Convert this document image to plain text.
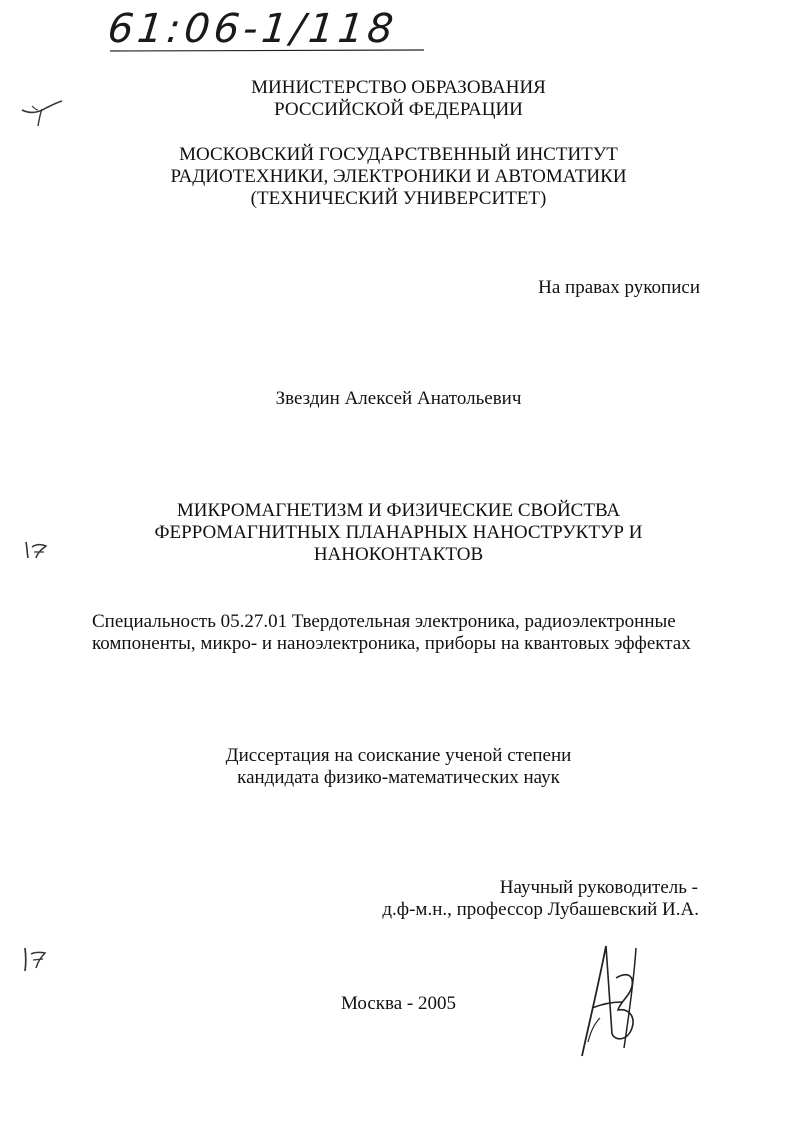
61:06-1/118
МИНИСТЕРСТВО ОБРАЗОВАНИЯ
РОССИЙСКОЙ ФЕДЕРАЦИИ
МОСКОВСКИЙ ГОСУДАРСТВЕННЫЙ ИНСТИТУТ
РАДИОТЕХНИКИ, ЭЛЕКТРОНИКИ И АВТОМАТИКИ
(ТЕХНИЧЕСКИЙ УНИВЕРСИТЕТ)
На правах рукописи
Звездин Алексей Анатольевич
МИКРОМАГНЕТИЗМ И ФИЗИЧЕСКИЕ СВОЙСТВА
ФЕРРОМАГНИТНЫХ ПЛАНАРНЫХ НАНОСТРУКТУР И
НАНОКОНТАКТОВ
Специальность 05.27.01 Твердотельная электроника, радиоэлектронные
компоненты, микро- и наноэлектроника, приборы на квантовых эффектах
Диссертация на соискание ученой степени
кандидата физико-математических наук
Научный руководитель -
д.ф-м.н., профессор Лубашевский И.А.
Москва - 2005
